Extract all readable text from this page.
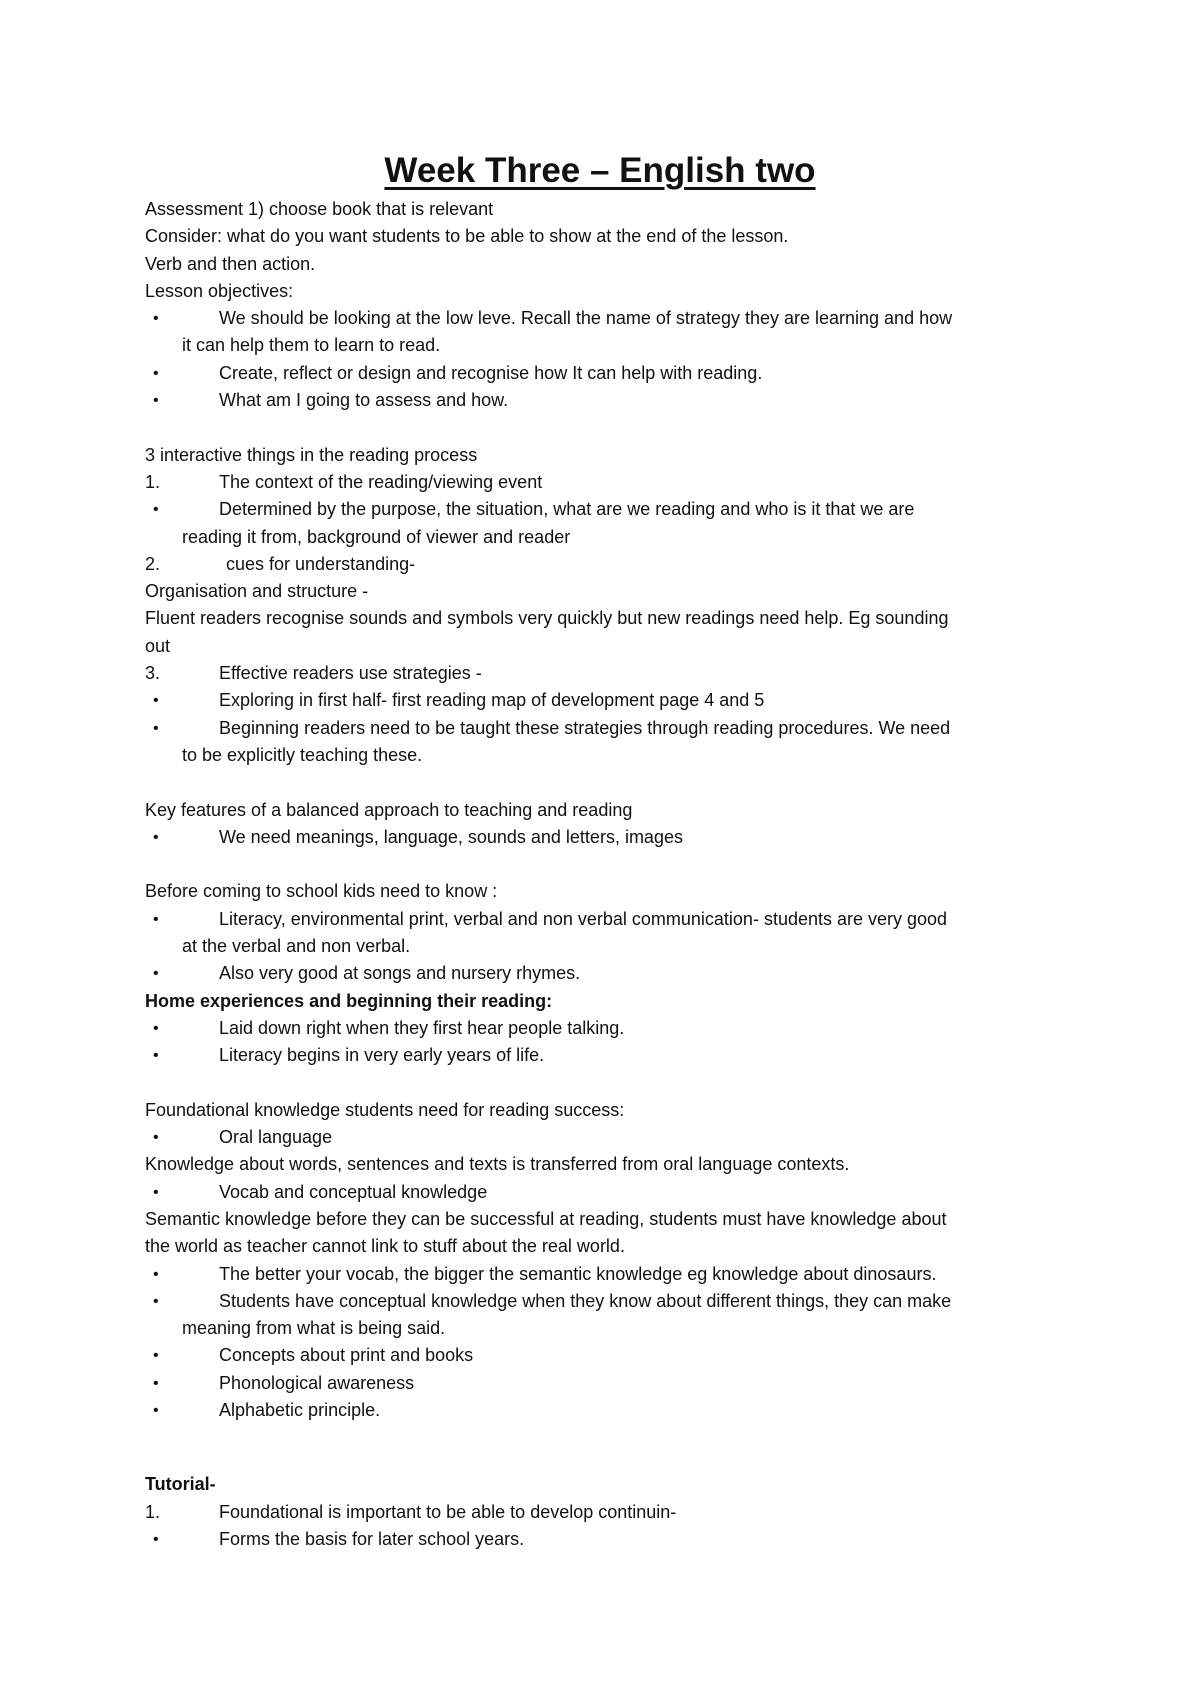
Week Three – English two

Assessment 1) choose book that is relevant

Consider: what do you want students to be able to show at the end of the lesson.

Verb and then action.

Lesson objectives:

•	We should be looking at the low leve. Recall the name of strategy they are learning and how

it can help them to learn to read.

•	Create, reflect or design and recognise how It can help with reading.
•	What am I going to assess and how.

3 interactive things in the reading process

1.	The context of the reading/viewing event
•	Determined by the purpose, the situation, what are we reading and who is it that we are

reading it from, background of viewer and reader

2.	cues for understanding-

Organisation and structure -

Fluent readers recognise sounds and symbols very quickly but new readings need help. Eg sounding

out

3.	Effective readers use strategies -
•	Exploring in first half- first reading map of development page 4 and 5
•	Beginning readers need to be taught these strategies through reading procedures. We need

to be explicitly teaching these.

Key features of a balanced approach to teaching and reading

•	We need meanings, language, sounds and letters, images

Before coming to school kids need to know :

•	Literacy, environmental print, verbal and non verbal communication- students are very good

at the verbal and non verbal.

•	Also very good at songs and nursery rhymes.

Home experiences and beginning their reading:

•	Laid down right when they first hear people talking.
•	Literacy begins in very early years of life.

Foundational knowledge students need for reading success:

•	Oral language

Knowledge about words, sentences and texts is transferred from oral language contexts.

•	Vocab and conceptual knowledge

Semantic knowledge before they can be successful at reading, students must have knowledge about

the world as teacher cannot link to stuff about the real world.

•	The better your vocab, the bigger the semantic knowledge eg knowledge about dinosaurs.
•	Students have conceptual knowledge when they know about different things, they can make

meaning from what is being said.

•	Concepts about print and books
•	Phonological awareness
•	Alphabetic principle.

Tutorial-

1.	Foundational is important to be able to develop continuin-
•	Forms the basis for later school years.
